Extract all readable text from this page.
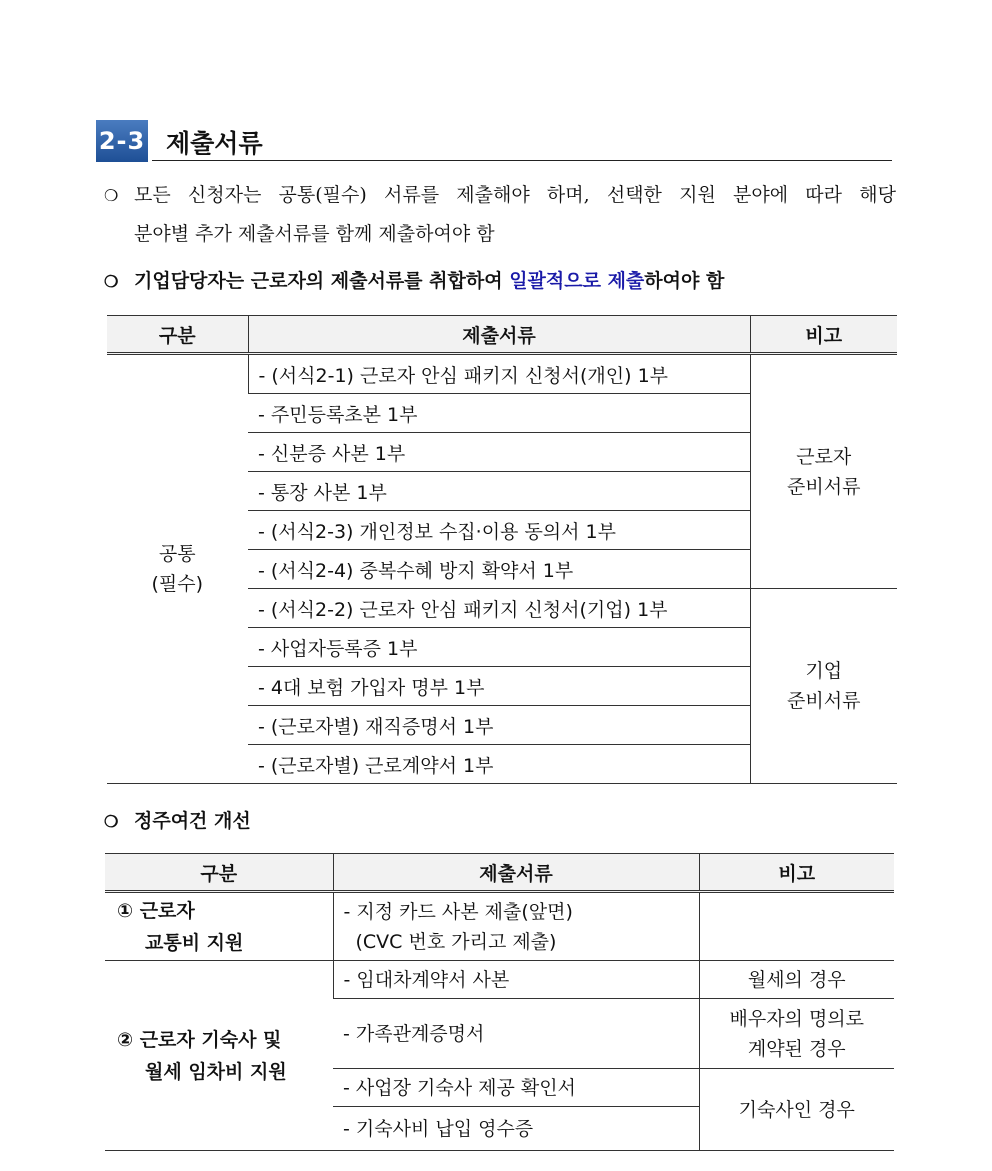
2-3 제출서류
❍ 모든 신청자는 공통(필수) 서류를 제출해야 하며, 선택한 지원 분야에 따라 해당
분야별 추가 제출서류를 함께 제출하여야 함
❍ 기업담당자는 근로자의 제출서류를 취합하여 일괄적으로 제출하여야 함
구분	제출서류	비고
공통
(필수)	- (서식2-1) 근로자 안심 패키지 신청서(개인) 1부	근로자
준비서류
	- 주민등록초본 1부	
	- 신분증 사본 1부	
	- 통장 사본 1부	
	- (서식2-3) 개인정보 수집·이용 동의서 1부	
	- (서식2-4) 중복수혜 방지 확약서 1부	
	- (서식2-2) 근로자 안심 패키지 신청서(기업) 1부	기업
준비서류
	- 사업자등록증 1부	
	- 4대 보험 가입자 명부 1부	
	- (근로자별) 재직증명서 1부	
	- (근로자별) 근로계약서 1부	
❍ 정주여건 개선
구분	제출서류	비고
① 근로자
교통비 지원	- 지정 카드 사본 제출(앞면)
(CVC 번호 가리고 제출)	
② 근로자 기숙사 및
월세 임차비 지원	- 임대차계약서 사본	월세의 경우
	- 가족관계증명서	배우자의 명의로
계약된 경우
	- 사업장 기숙사 제공 확인서	기숙사인 경우
	- 기숙사비 납입 영수증	
